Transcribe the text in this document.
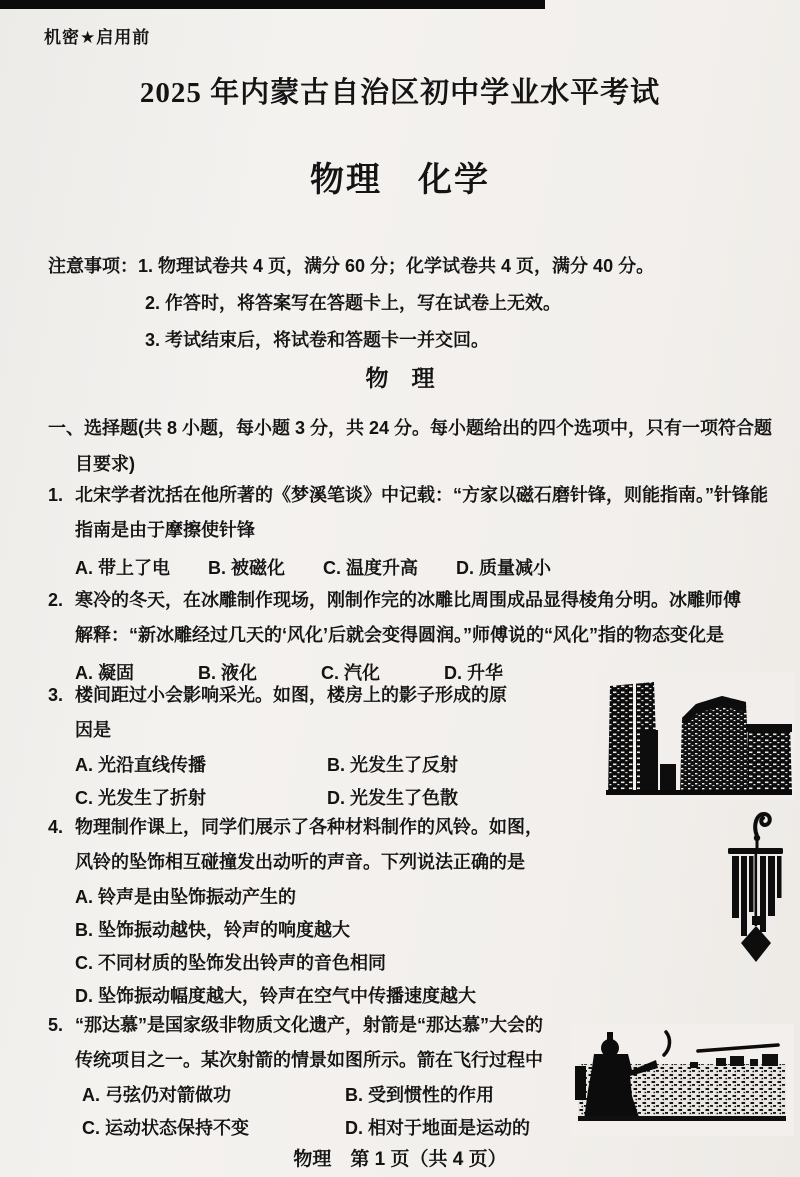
机密★启用前
2025 年内蒙古自治区初中学业水平考试
物理　化学
注意事项：1. 物理试卷共 4 页，满分 60 分；化学试卷共 4 页，满分 40 分。
2. 作答时，将答案写在答题卡上，写在试卷上无效。
3. 考试结束后，将试卷和答题卡一并交回。
物　理
一、选择题(共 8 小题，每小题 3 分，共 24 分。每小题给出的四个选项中，只有一项符合题
目要求)
1. 北宋学者沈括在他所著的《梦溪笔谈》中记载：“方家以磁石磨针锋，则能指南。”针锋能
指南是由于摩擦使针锋
A. 带上了电 B. 被磁化 C. 温度升高 D. 质量减小
2. 寒冷的冬天，在冰雕制作现场，刚制作完的冰雕比周围成品显得棱角分明。冰雕师傅
解释：“新冰雕经过几天的‘风化’后就会变得圆润。”师傅说的“风化”指的物态变化是
A. 凝固	B. 液化	C. 汽化	D. 升华
3. 楼间距过小会影响采光。如图，楼房上的影子形成的原
因是
A. 光沿直线传播	B. 光发生了反射
C. 光发生了折射	D. 光发生了色散
4. 物理制作课上，同学们展示了各种材料制作的风铃。如图，
风铃的坠饰相互碰撞发出动听的声音。下列说法正确的是
A. 铃声是由坠饰振动产生的
B. 坠饰振动越快，铃声的响度越大
C. 不同材质的坠饰发出铃声的音色相同
D. 坠饰振动幅度越大，铃声在空气中传播速度越大
5. “那达慕”是国家级非物质文化遗产，射箭是“那达慕”大会的
传统项目之一。某次射箭的情景如图所示。箭在飞行过程中
A. 弓弦仍对箭做功	B. 受到惯性的作用
C. 运动状态保持不变	D. 相对于地面是运动的
物理　第 1 页（共 4 页）
